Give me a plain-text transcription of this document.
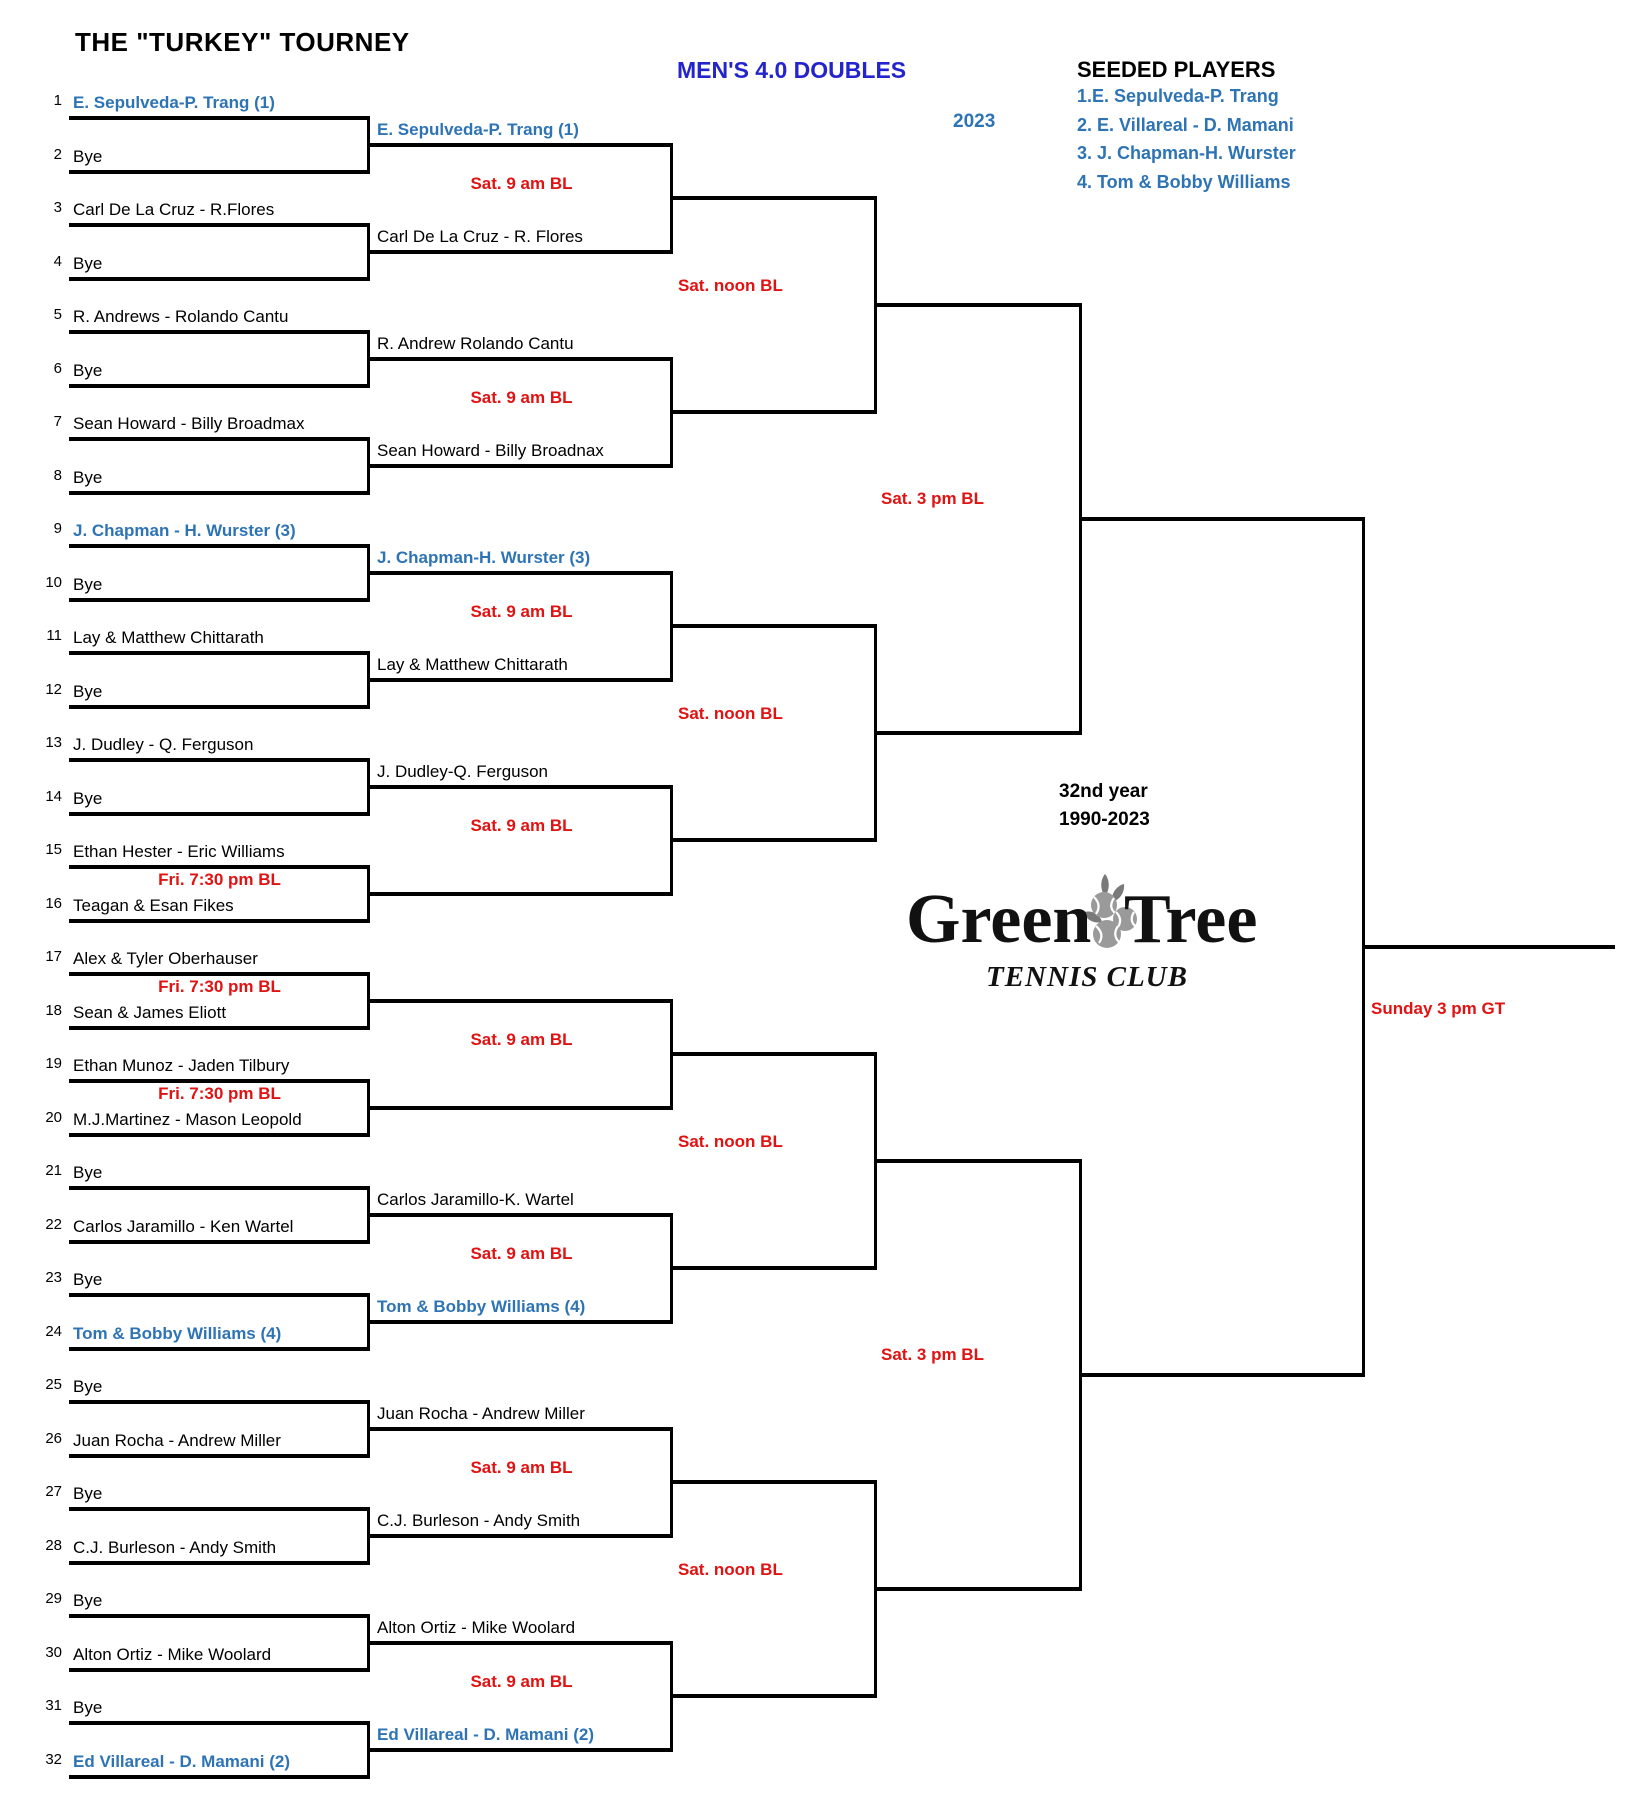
THE "TURKEY" TOURNEY
MEN'S 4.0 DOUBLES	SEEDED PLAYERS
2023
1.E. Sepulveda-P. Trang
2. E. Villareal - D. Mamani
3. J. Chapman-H. Wurster
4. Tom & Bobby Williams
32nd year
1990-2023
Green Tree
TENNIS CLUB
Sunday 3 pm GT
1 E. Sepulveda-P. Trang (1)
2 Bye
3 Carl De La Cruz - R.Flores
4 Bye
5 R. Andrews - Rolando Cantu
6 Bye
7 Sean Howard - Billy Broadmax
8 Bye
9 J. Chapman - H. Wurster (3)
10 Bye
11 Lay & Matthew Chittarath
12 Bye
13 J. Dudley - Q. Ferguson
14 Bye
15 Ethan Hester - Eric Williams
16 Teagan & Esan Fikes
17 Alex & Tyler Oberhauser
18 Sean & James Eliott
19 Ethan Munoz - Jaden Tilbury
20 M.J.Martinez - Mason Leopold
21 Bye
22 Carlos Jaramillo - Ken Wartel
23 Bye
24 Tom & Bobby Williams (4)
25 Bye
26 Juan Rocha - Andrew Miller
27 Bye
28 C.J. Burleson - Andy Smith
29 Bye
30 Alton Ortiz - Mike Woolard
31 Bye
32 Ed Villareal - D. Mamani (2)
Fri. 7:30 pm BL
Fri. 7:30 pm BL
Fri. 7:30 pm BL
E. Sepulveda-P. Trang (1)
Carl De La Cruz - R. Flores
R. Andrew Rolando Cantu
Sean Howard - Billy Broadnax
J. Chapman-H. Wurster (3)
Lay & Matthew Chittarath
J. Dudley-Q. Ferguson
Carlos Jaramillo-K. Wartel
Tom & Bobby Williams (4)
Juan Rocha - Andrew Miller
C.J. Burleson - Andy Smith
Alton Ortiz - Mike Woolard
Ed Villareal - D. Mamani (2)
Sat. 9 am BL
Sat. 9 am BL
Sat. 9 am BL
Sat. 9 am BL
Sat. 9 am BL
Sat. 9 am BL
Sat. 9 am BL
Sat. 9 am BL
Sat. noon BL
Sat. noon BL
Sat. noon BL
Sat. noon BL
Sat. 3 pm BL
Sat. 3 pm BL
